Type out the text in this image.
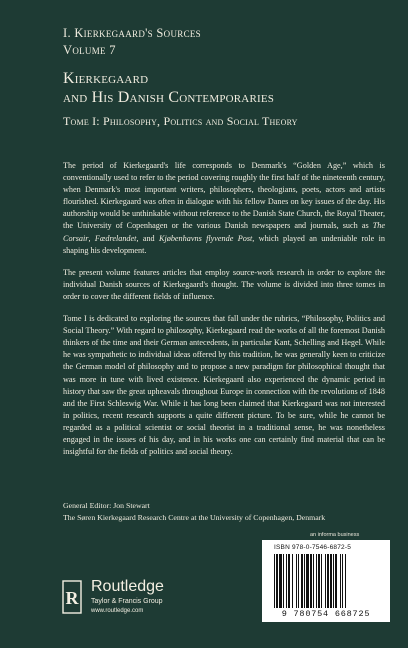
I. Kierkegaard's Sources
Volume 7
Kierkegaard
and His Danish Contemporaries
Tome I: Philosophy, Politics and Social Theory

The period of Kierkegaard's life corresponds to Denmark's “Golden Age,” which is conventionally used to refer to the period covering roughly the first half of the nineteenth century, when Denmark's most important writers, philosophers, theologians, poets, actors and artists flourished. Kierkegaard was often in dialogue with his fellow Danes on key issues of the day. His authorship would be unthinkable without reference to the Danish State Church, the Royal Theater, the University of Copenhagen or the various Danish newspapers and journals, such as The Corsair, Fædrelandet, and Kjøbenhavns flyvende Post, which played an undeniable role in shaping his development.

The present volume features articles that employ source-work research in order to explore the individual Danish sources of Kierkegaard's thought. The volume is divided into three tomes in order to cover the different fields of influence.

Tome I is dedicated to exploring the sources that fall under the rubrics, “Philosophy, Politics and Social Theory.” With regard to philosophy, Kierkegaard read the works of all the foremost Danish thinkers of the time and their German antecedents, in particular Kant, Schelling and Hegel. While he was sympathetic to individual ideas offered by this tradition, he was generally keen to criticize the German model of philosophy and to propose a new paradigm for philosophical thought that was more in tune with lived existence. Kierkegaard also experienced the dynamic period in history that saw the great upheavals throughout Europe in connection with the revolutions of 1848 and the First Schleswig War. While it has long been claimed that Kierkegaard was not interested in politics, recent research supports a quite different picture. To be sure, while he cannot be regarded as a political scientist or social theorist in a traditional sense, he was nonetheless engaged in the issues of his day, and in his works one can certainly find material that can be insightful for the fields of politics and social theory.

General Editor: Jon Stewart
The Søren Kierkegaard Research Centre at the University of Copenhagen, Denmark
an informa business
ISBN 978-0-7546-6872-5
9 780754 668725
R
Routledge
Taylor & Francis Group
www.routledge.com
